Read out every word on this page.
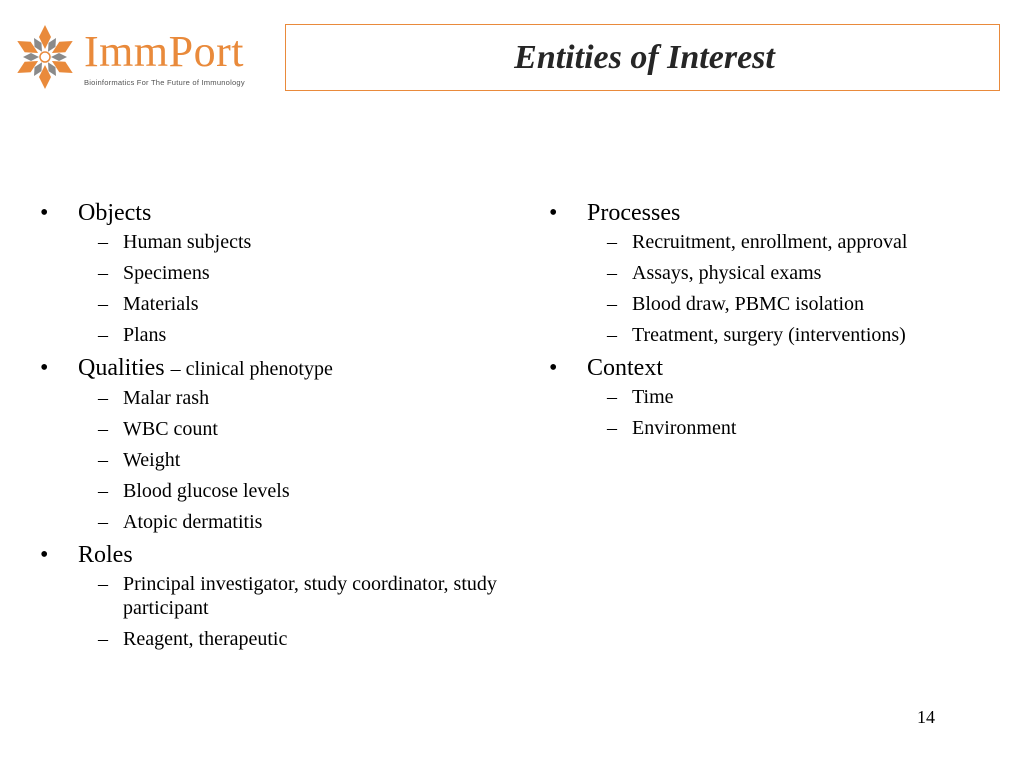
ImmPort
Bioinformatics For The Future of Immunology
Entities of Interest
• Objects
– Human subjects
– Specimens
– Materials
– Plans
• Qualities – clinical phenotype
– Malar rash
– WBC count
– Weight
– Blood glucose levels
– Atopic dermatitis
• Roles
– Principal investigator, study coordinator, study participant
– Reagent, therapeutic
• Processes
– Recruitment, enrollment, approval
– Assays, physical exams
– Blood draw, PBMC isolation
– Treatment, surgery (interventions)
• Context
– Time
– Environment
14
